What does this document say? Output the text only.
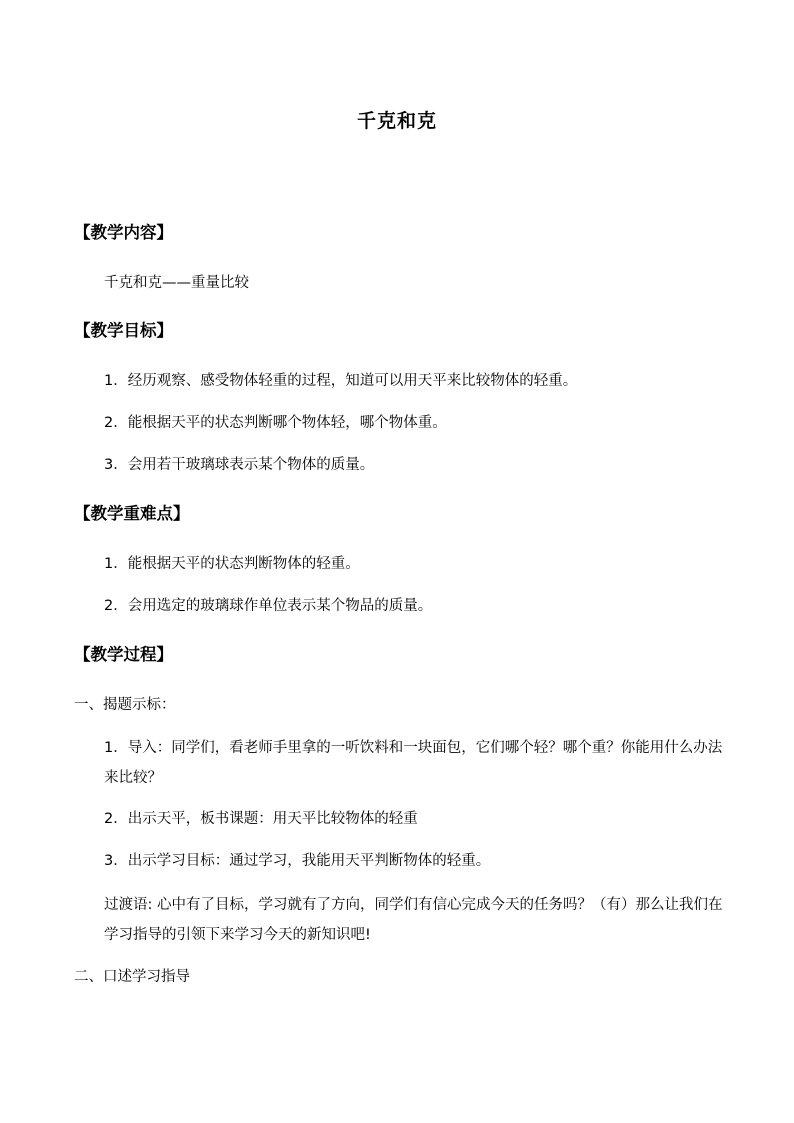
千克和克
【教学内容】
千克和克——重量比较
【教学目标】
1．经历观察、感受物体轻重的过程，知道可以用天平来比较物体的轻重。
2．能根据天平的状态判断哪个物体轻，哪个物体重。
3．会用若干玻璃球表示某个物体的质量。
【教学重难点】
1．能根据天平的状态判断物体的轻重。
2．会用选定的玻璃球作单位表示某个物品的质量。
【教学过程】
一、揭题示标：
1．导入：同学们，看老师手里拿的一听饮料和一块面包，它们哪个轻？哪个重？你能用什么办法来比较？
2．出示天平，板书课题：用天平比较物体的轻重
3．出示学习目标：通过学习，我能用天平判断物体的轻重。
过渡语: 心中有了目标，学习就有了方向，同学们有信心完成今天的任务吗？（有）那么让我们在学习指导的引领下来学习今天的新知识吧!
二、口述学习指导
